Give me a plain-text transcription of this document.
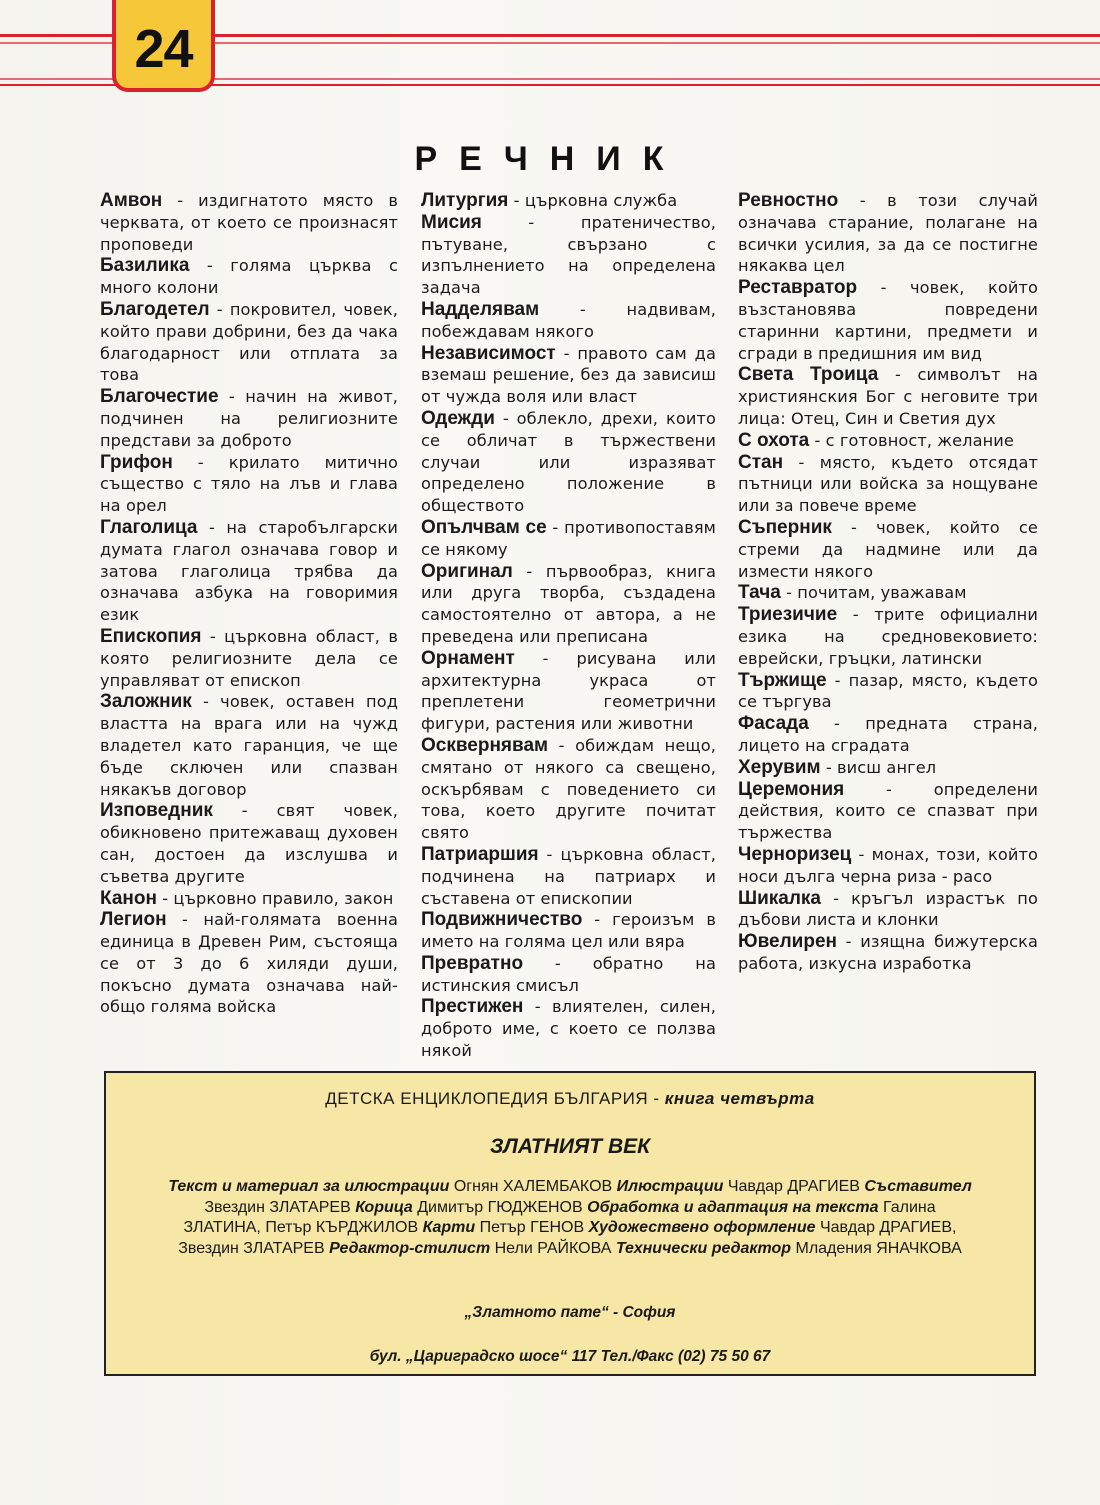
24
РЕЧНИК

Амвон - издигнатото място в черквата, от което се произнасят проповеди

Базилика - голяма църква с много колони

Благодетел - покровител, човек, който прави добрини, без да чака благодарност или отплата за това

Благочестие - начин на живот, подчинен на религиозните представи за доброто

Грифон - крилато митично същество с тяло на лъв и глава на орел

Глаголица - на старобългарски думата глагол означава говор и затова глаголица трябва да означава азбука на говоримия език

Епископия - църковна област, в която религиозните дела се управляват от епископ

Заложник - човек, оставен под властта на врага или на чужд владетел като гаранция, че ще бъде сключен или спазван някакъв договор

Изповедник - свят човек, обикновено притежаващ духовен сан, достоен да изслушва и съветва другите

Канон - църковно правило, закон

Легион - най-голямата военна единица в Древен Рим, състояща се от 3 до 6 хиляди души, покъсно думата означава най-общо голяма войска

Литургия - църковна служба

Мисия - пратеничество, пътуване, свързано с изпълнението на определена задача

Надделявам - надвивам, побеждавам някого

Независимост - правото сам да вземаш решение, без да зависиш от чужда воля или власт

Одежди - облекло, дрехи, които се обличат в тържествени случаи или изразяват определено положение в обществото

Опълчвам се - противопоставям се някому

Оригинал - първообраз, книга или друга творба, създадена самостоятелно от автора, а не преведена или преписана

Орнамент - рисувана или архитектурна украса от преплетени геометрични фигури, растения или животни

Осквернявам - обиждам нещо, смятано от някого са свещено, оскърбявам с поведението си това, което другите почитат свято

Патриаршия - църковна област, подчинена на патриарх и съставена от епископии

Подвижничество - героизъм в името на голяма цел или вяра

Превратно - обратно на истинския смисъл

Престижен - влиятелен, силен, доброто име, с което се ползва някой

Ревностно - в този случай означава старание, полагане на всички усилия, за да се постигне някаква цел

Реставратор - човек, който възстановява повредени старинни картини, предмети и сгради в предишния им вид

Света Троица - символът на християнския Бог с неговите три лица: Отец, Син и Светия дух

С охота - с готовност, желание

Стан - място, където отсядат пътници или войска за нощуване или за повече време

Съперник - човек, който се стреми да надмине или да измести някого

Тача - почитам, уважавам

Триезичие - трите официални езика на средновековието: еврейски, гръцки, латински

Тържище - пазар, място, където се търгува

Фасада - предната страна, лицето на сградата

Херувим - висш ангел

Церемония - определени действия, които се спазват при тържества

Черноризец - монах, този, който носи дълга черна риза - расо

Шикалка - кръгъл израстък по дъбови листа и клонки

Ювелирен - изящна бижутерска работа, изкусна изработка

ДЕТСКА ЕНЦИКЛОПЕДИЯ БЪЛГАРИЯ - книга четвърта
ЗЛАТНИЯТ ВЕК
Текст и материал за илюстрации Огнян ХАЛЕМБАКОВ Илюстрации Чавдар ДРАГИЕВ Съставител Звездин ЗЛАТАРЕВ Корица Димитър ГЮДЖЕНОВ Обработка и адаптация на текста Галина ЗЛАТИНА, Петър КЪРДЖИЛОВ Карти Петър ГЕНОВ Художествено оформление Чавдар ДРАГИЕВ, Звездин ЗЛАТАРЕВ Редактор-стилист Нели РАЙКОВА Технически редактор Младения ЯНАЧКОВА
„Златното пате“ - София
бул. „Цариградско шосе“ 117 Тел./Факс (02) 75 50 67
